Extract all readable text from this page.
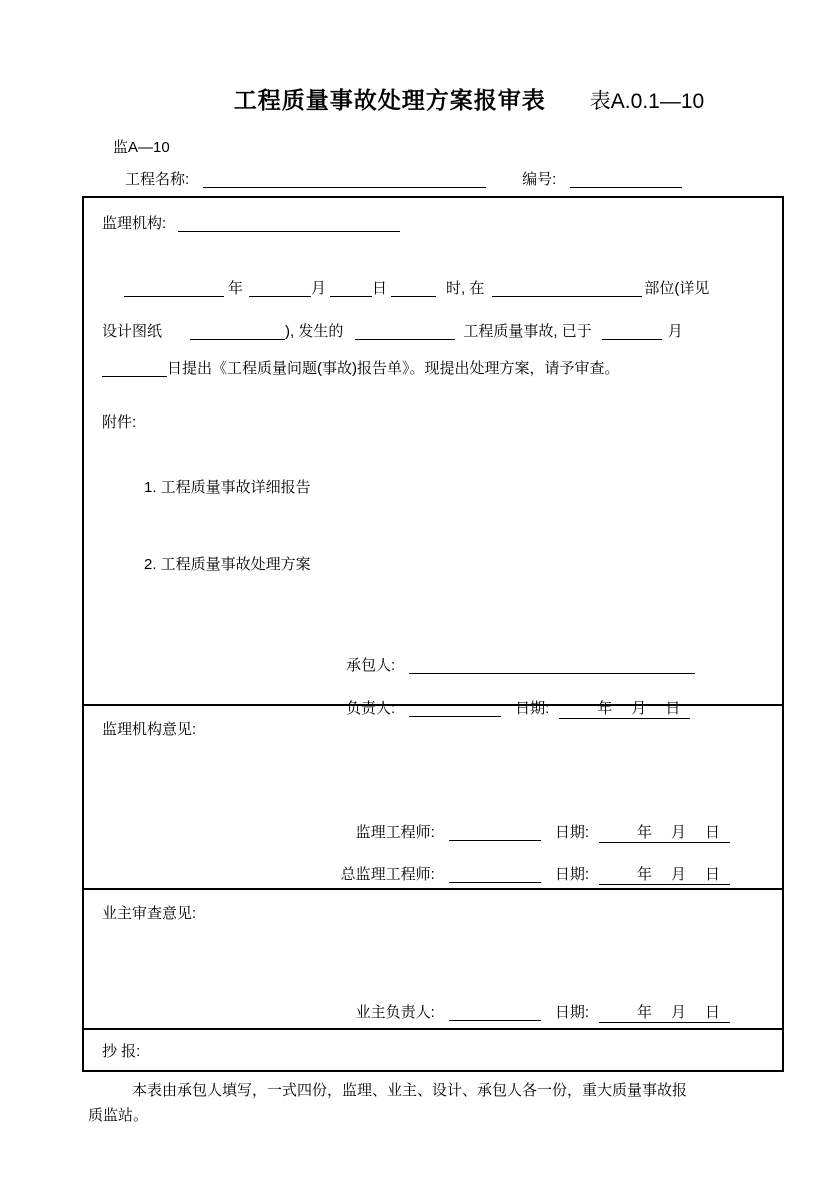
工程质量事故处理方案报审表 表A.0.1—10
监A—10
工程名称:	编号:
监理机构:
年	月	日	时, 在	部位(详见
设计图纸	), 发生的	工程质量事故, 已于	月
日提出《工程质量问题(事故)报告单》。现提出处理方案，请予审查。
附件:
1. 工程质量事故详细报告
2. 工程质量事故处理方案
承包人:
负责人:	日期:	年　月　日
监理机构意见:
监理工程师:	日期:	年　月　日
总监理工程师:	日期:	年　月　日
业主审查意见:
业主负责人:	日期:	年　月　日
抄 报:
本表由承包人填写，一式四份，监理、业主、设计、承包人各一份，重大质量事故报
质监站。
